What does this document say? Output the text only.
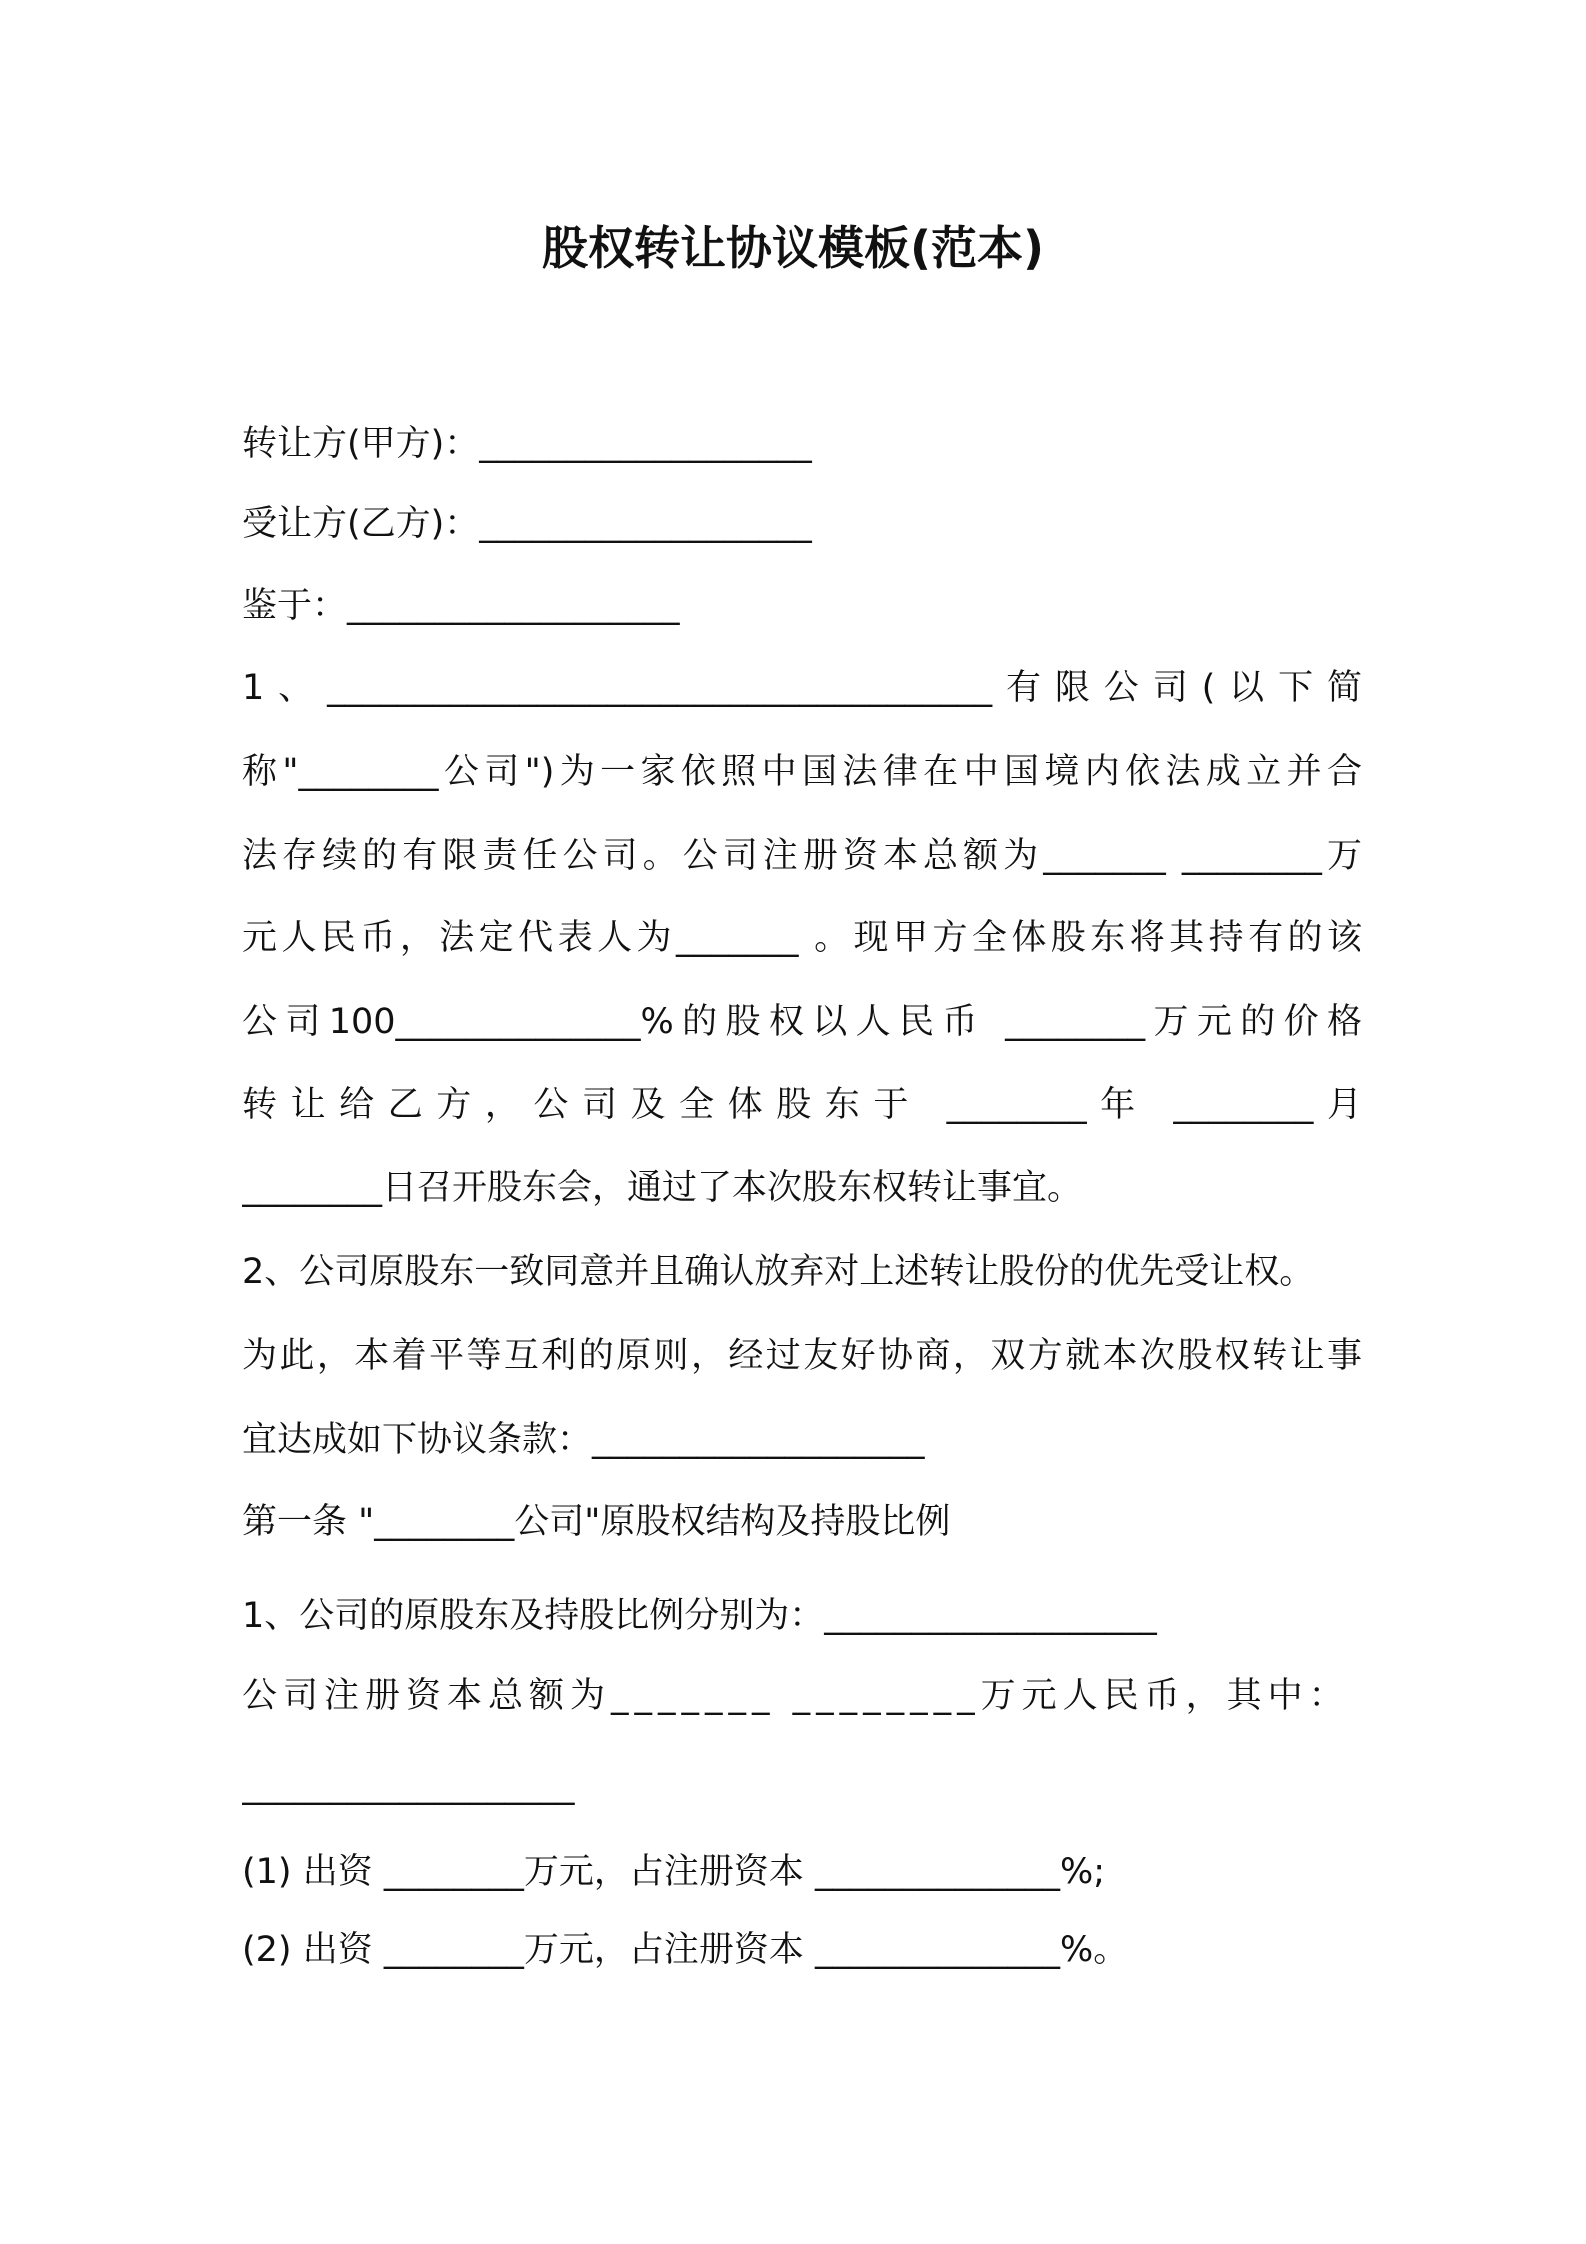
股权转让协议模板(范本)
转让方(甲方)：___________________
受让方(乙方)：___________________
鉴于：___________________
1、______________________________________有限公司(以下简
称"________公司")为一家依照中国法律在中国境内依法成立并合
法存续的有限责任公司。公司注册资本总额为_______ ________万
元人民币，法定代表人为_______ 。现甲方全体股东将其持有的该
公司100______________%的股权以人民币 ________万元的价格
转让给乙方，公司及全体股东于 ________年 ________月
________日召开股东会，通过了本次股东权转让事宜。
2、公司原股东一致同意并且确认放弃对上述转让股份的优先受让权。
为此，本着平等互利的原则，经过友好协商，双方就本次股权转让事
宜达成如下协议条款：___________________
第一条 "________公司"原股权结构及持股比例
1、公司的原股东及持股比例分别为：___________________
公司注册资本总额为_______ ________万元人民币，其中：
___________________
(1) 出资 ________万元，占注册资本 ______________%;
(2) 出资 ________万元，占注册资本 ______________%。
